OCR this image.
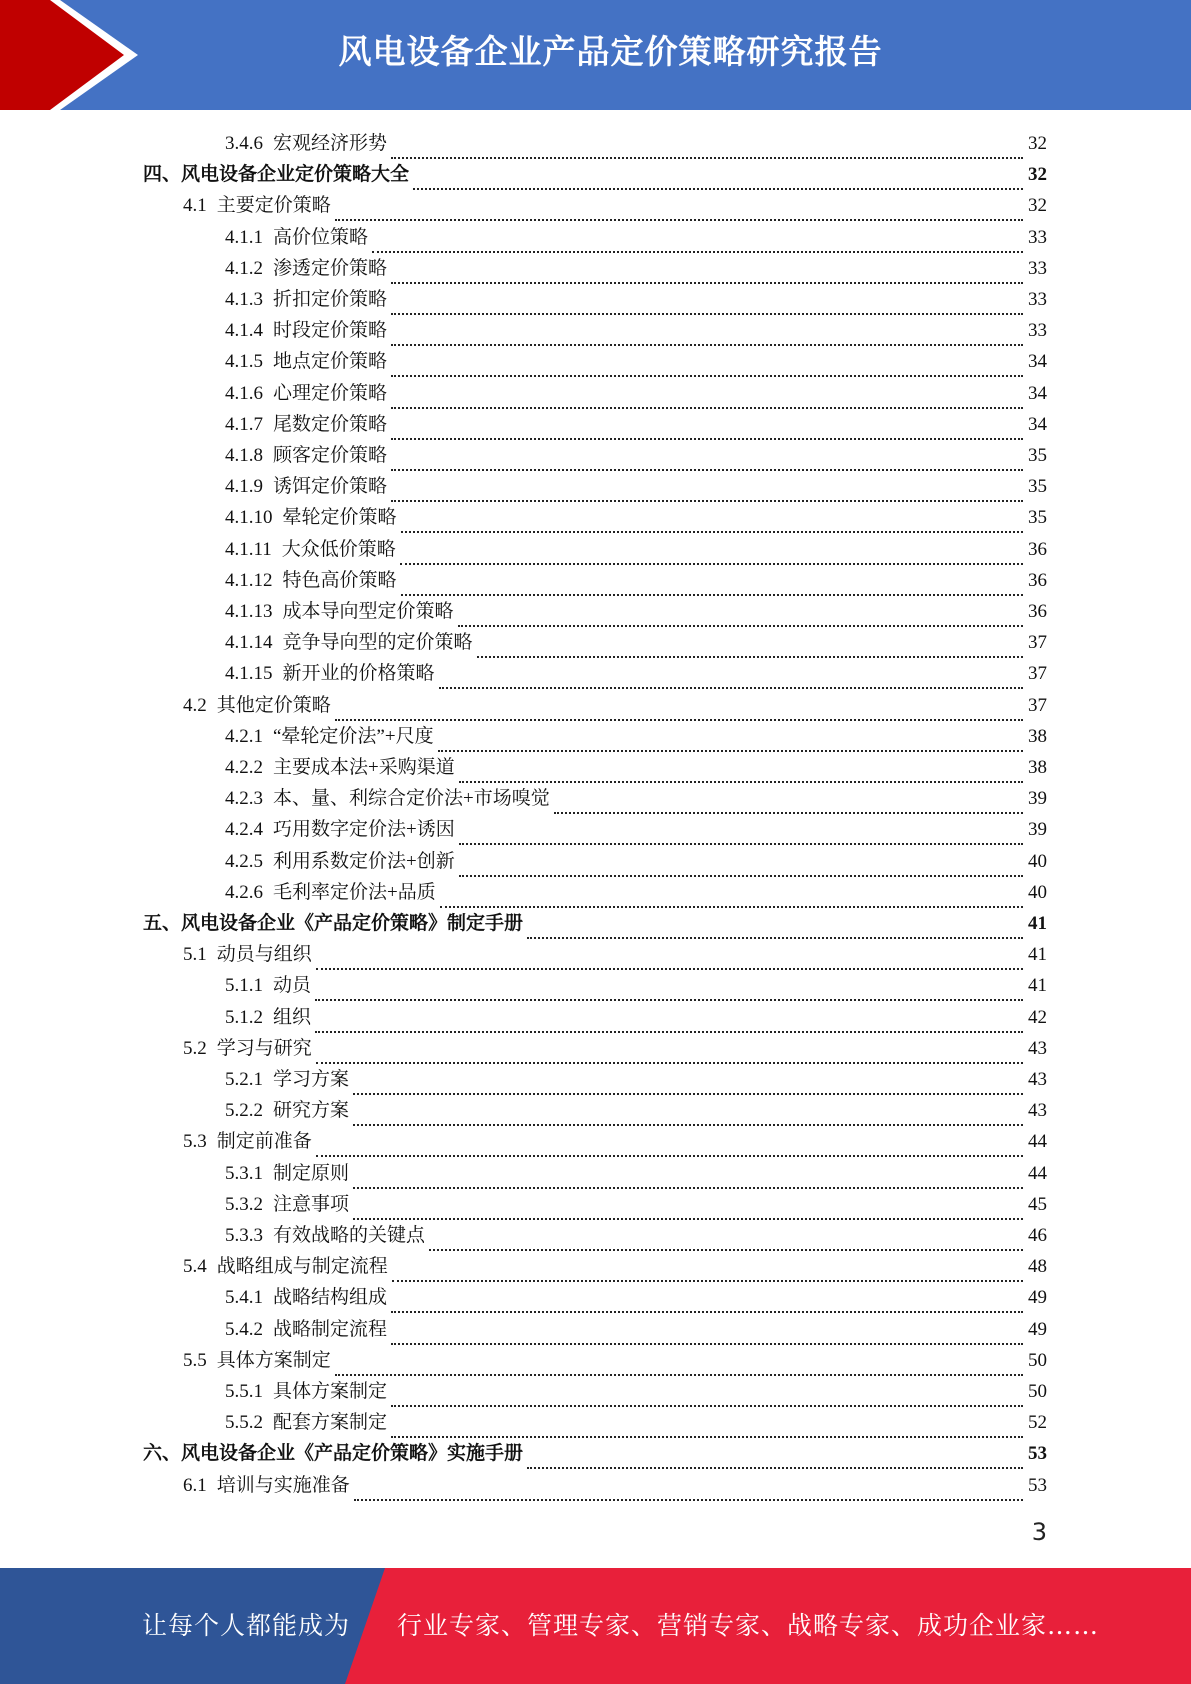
风电设备企业产品定价策略研究报告
3.4.6 宏观经济形势	32
四、风电设备企业定价策略大全	32
4.1 主要定价策略	32
4.1.1 高价位策略	33
4.1.2 渗透定价策略	33
4.1.3 折扣定价策略	33
4.1.4 时段定价策略	33
4.1.5 地点定价策略	34
4.1.6 心理定价策略	34
4.1.7 尾数定价策略	34
4.1.8 顾客定价策略	35
4.1.9 诱饵定价策略	35
4.1.10 晕轮定价策略	35
4.1.11 大众低价策略	36
4.1.12 特色高价策略	36
4.1.13 成本导向型定价策略	36
4.1.14 竞争导向型的定价策略	37
4.1.15 新开业的价格策略	37
4.2 其他定价策略	37
4.2.1 “晕轮定价法”+尺度	38
4.2.2 主要成本法+采购渠道	38
4.2.3 本、量、利综合定价法+市场嗅觉	39
4.2.4 巧用数字定价法+诱因	39
4.2.5 利用系数定价法+创新	40
4.2.6 毛利率定价法+品质	40
五、风电设备企业《产品定价策略》制定手册	41
5.1 动员与组织	41
5.1.1 动员	41
5.1.2 组织	42
5.2 学习与研究	43
5.2.1 学习方案	43
5.2.2 研究方案	43
5.3 制定前准备	44
5.3.1 制定原则	44
5.3.2 注意事项	45
5.3.3 有效战略的关键点	46
5.4 战略组成与制定流程	48
5.4.1 战略结构组成	49
5.4.2 战略制定流程	49
5.5 具体方案制定	50
5.5.1 具体方案制定	50
5.5.2 配套方案制定	52
六、风电设备企业《产品定价策略》实施手册	53
6.1 培训与实施准备	53
3
让每个人都能成为 行业专家、管理专家、营销专家、战略专家、成功企业家……
